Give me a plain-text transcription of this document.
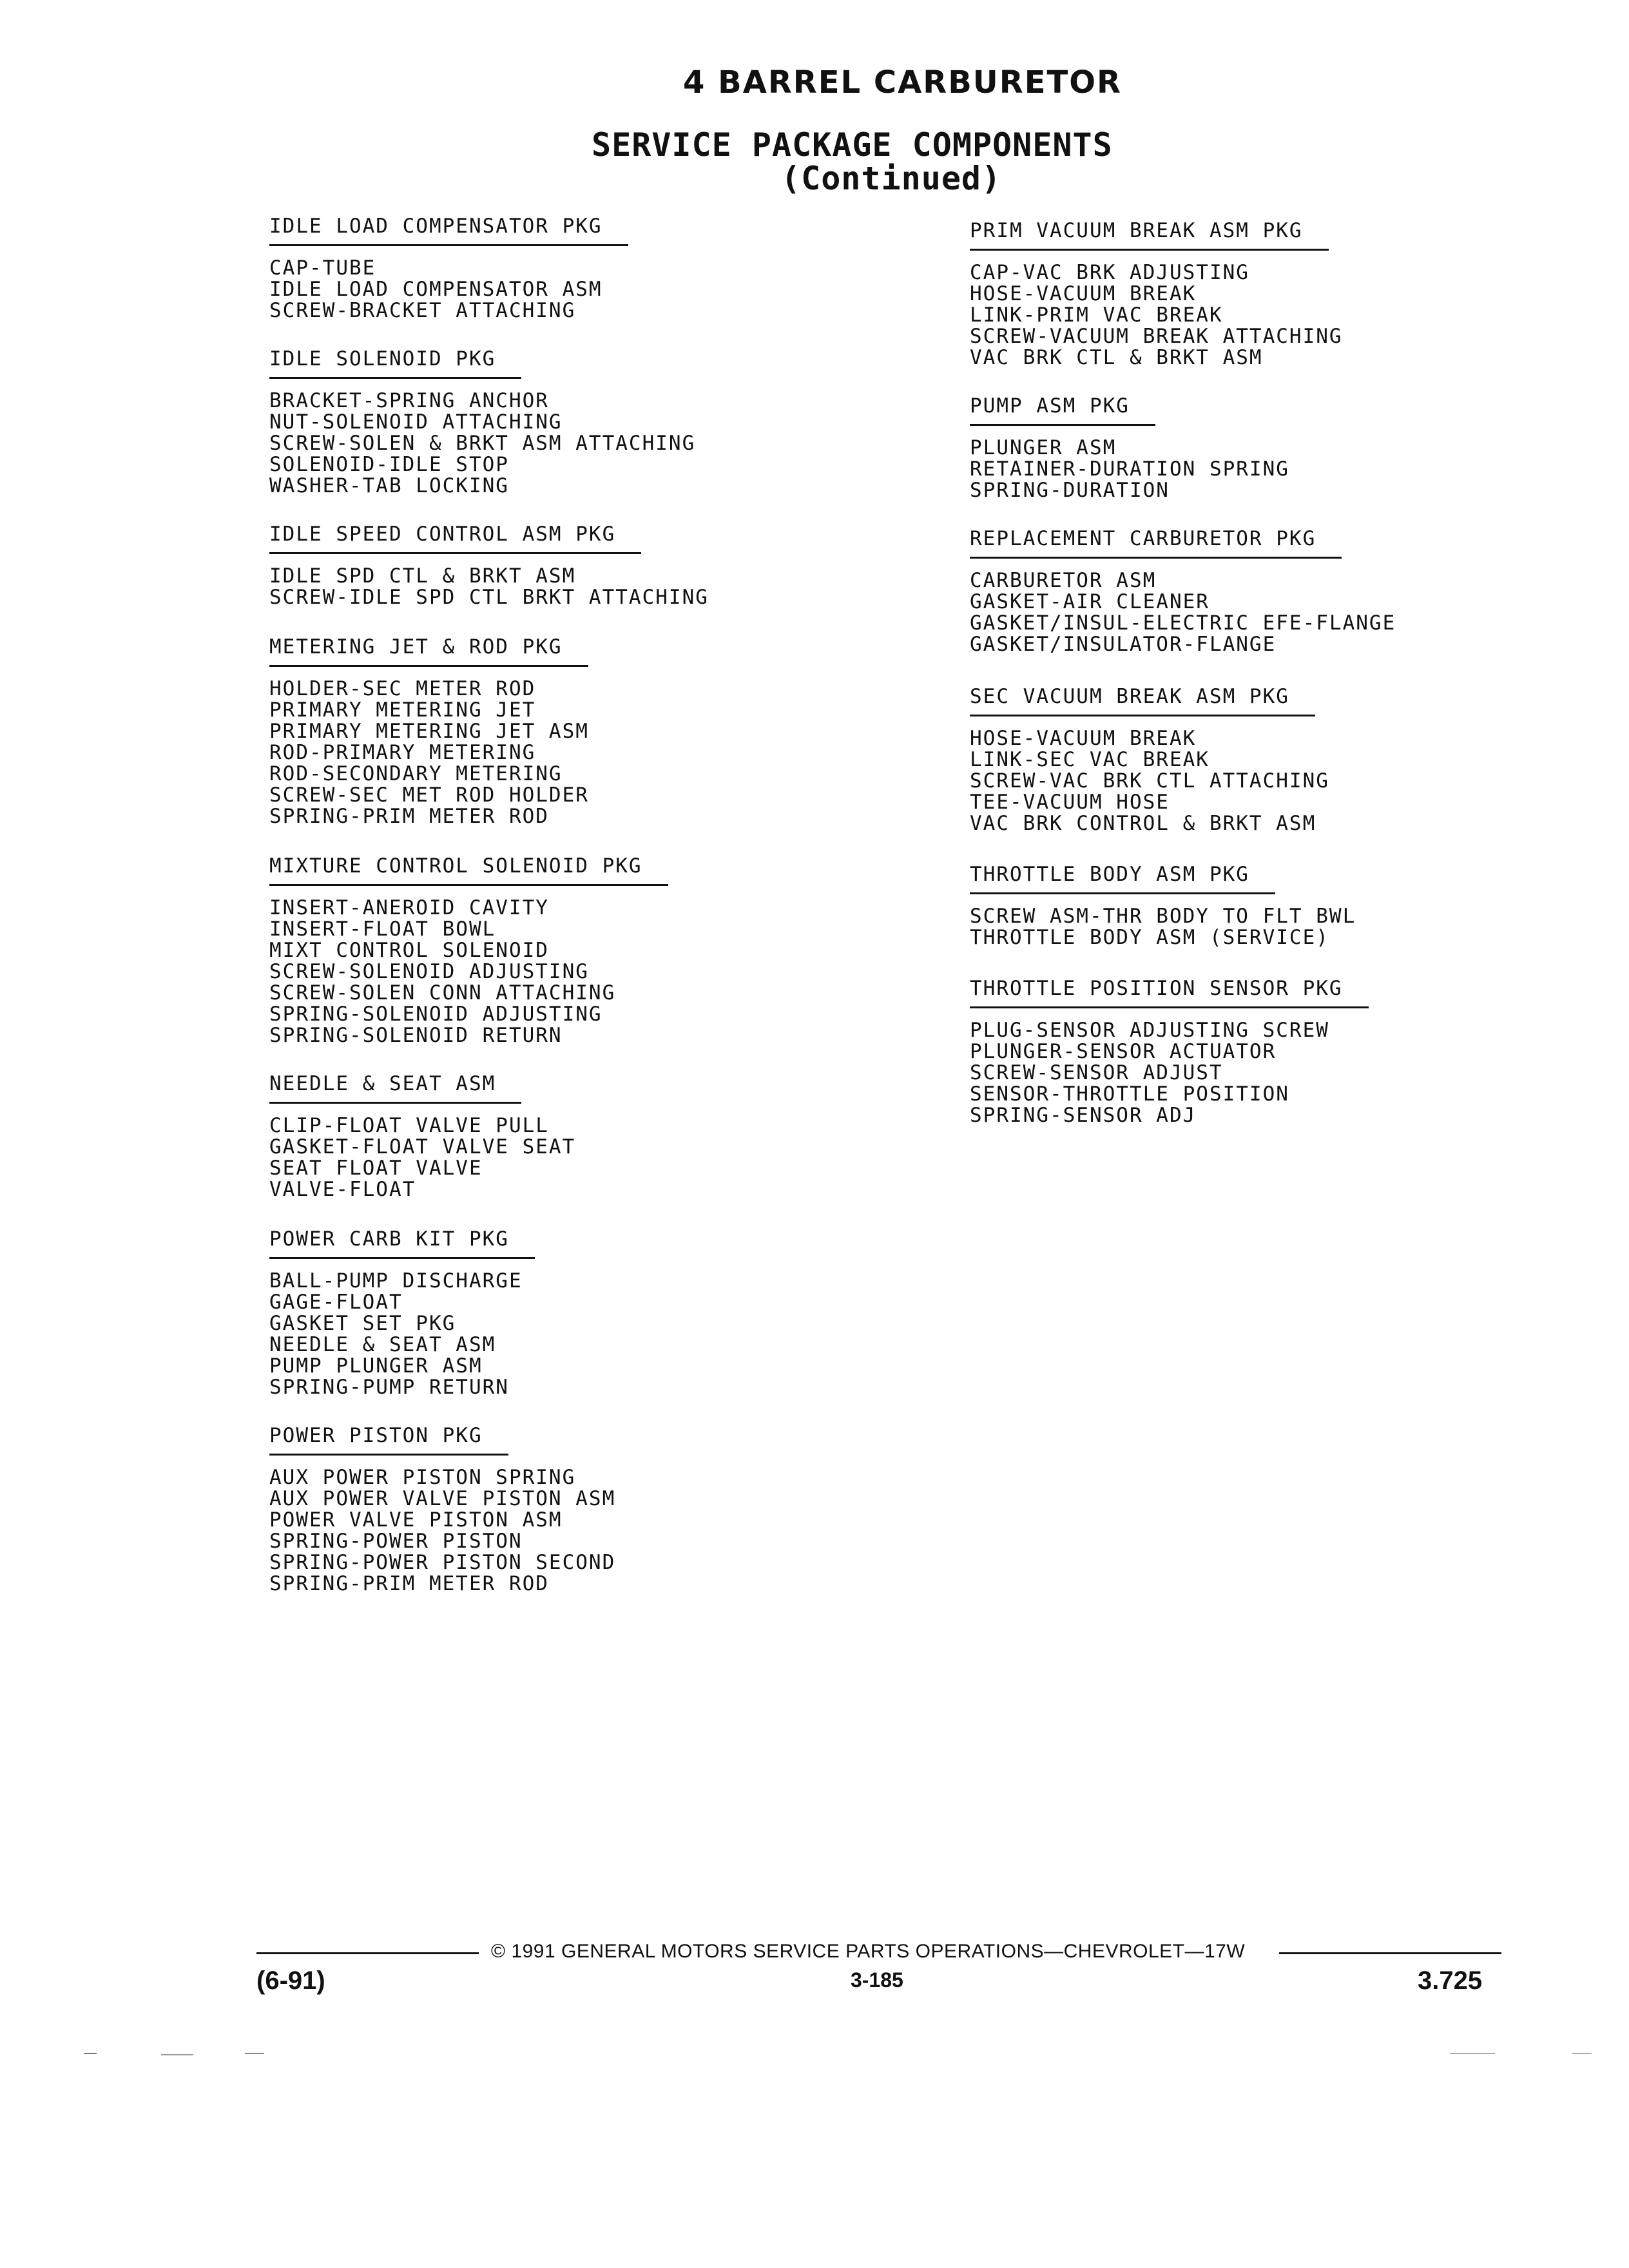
4 BARREL CARBURETOR
SERVICE PACKAGE COMPONENTS
(Continued)
IDLE LOAD COMPENSATOR PKG
CAP-TUBE
IDLE LOAD COMPENSATOR ASM
SCREW-BRACKET ATTACHING
IDLE SOLENOID PKG
BRACKET-SPRING ANCHOR
NUT-SOLENOID ATTACHING
SCREW-SOLEN & BRKT ASM ATTACHING
SOLENOID-IDLE STOP
WASHER-TAB LOCKING
IDLE SPEED CONTROL ASM PKG
IDLE SPD CTL & BRKT ASM
SCREW-IDLE SPD CTL BRKT ATTACHING
METERING JET & ROD PKG
HOLDER-SEC METER ROD
PRIMARY METERING JET
PRIMARY METERING JET ASM
ROD-PRIMARY METERING
ROD-SECONDARY METERING
SCREW-SEC MET ROD HOLDER
SPRING-PRIM METER ROD
MIXTURE CONTROL SOLENOID PKG
INSERT-ANEROID CAVITY
INSERT-FLOAT BOWL
MIXT CONTROL SOLENOID
SCREW-SOLENOID ADJUSTING
SCREW-SOLEN CONN ATTACHING
SPRING-SOLENOID ADJUSTING
SPRING-SOLENOID RETURN
NEEDLE & SEAT ASM
CLIP-FLOAT VALVE PULL
GASKET-FLOAT VALVE SEAT
SEAT FLOAT VALVE
VALVE-FLOAT
POWER CARB KIT PKG
BALL-PUMP DISCHARGE
GAGE-FLOAT
GASKET SET PKG
NEEDLE & SEAT ASM
PUMP PLUNGER ASM
SPRING-PUMP RETURN
POWER PISTON PKG
AUX POWER PISTON SPRING
AUX POWER VALVE PISTON ASM
POWER VALVE PISTON ASM
SPRING-POWER PISTON
SPRING-POWER PISTON SECOND
SPRING-PRIM METER ROD
PRIM VACUUM BREAK ASM PKG
CAP-VAC BRK ADJUSTING
HOSE-VACUUM BREAK
LINK-PRIM VAC BREAK
SCREW-VACUUM BREAK ATTACHING
VAC BRK CTL & BRKT ASM
PUMP ASM PKG
PLUNGER ASM
RETAINER-DURATION SPRING
SPRING-DURATION
REPLACEMENT CARBURETOR PKG
CARBURETOR ASM
GASKET-AIR CLEANER
GASKET/INSUL-ELECTRIC EFE-FLANGE
GASKET/INSULATOR-FLANGE
SEC VACUUM BREAK ASM PKG
HOSE-VACUUM BREAK
LINK-SEC VAC BREAK
SCREW-VAC BRK CTL ATTACHING
TEE-VACUUM HOSE
VAC BRK CONTROL & BRKT ASM
THROTTLE BODY ASM PKG
SCREW ASM-THR BODY TO FLT BWL
THROTTLE BODY ASM (SERVICE)
THROTTLE POSITION SENSOR PKG
PLUG-SENSOR ADJUSTING SCREW
PLUNGER-SENSOR ACTUATOR
SCREW-SENSOR ADJUST
SENSOR-THROTTLE POSITION
SPRING-SENSOR ADJ
© 1991 GENERAL MOTORS SERVICE PARTS OPERATIONS—CHEVROLET—17W
(6-91)	3-185	3.725
